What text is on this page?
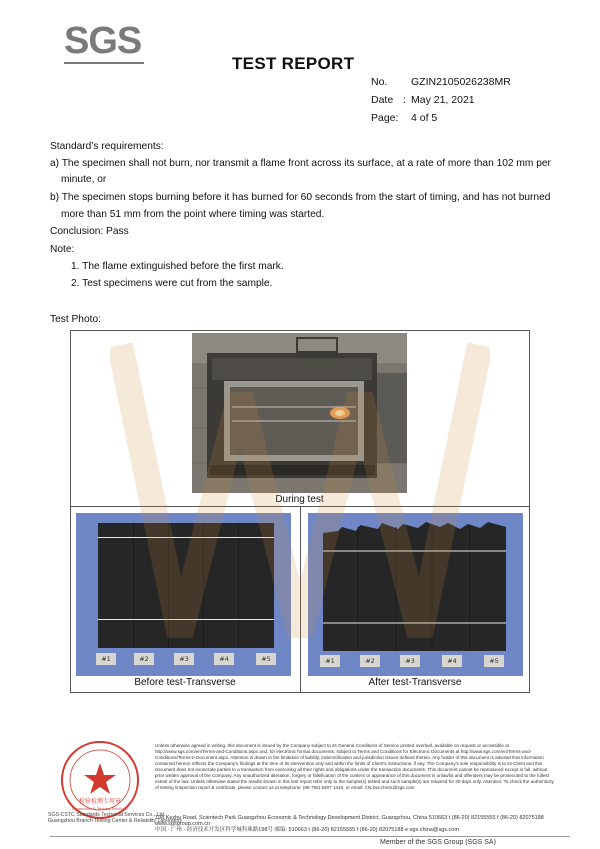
SGS
TEST REPORT
No. GZIN2105026238MR
Date : May 21, 2021
Page: 4 of 5
Standard’s requirements:
a) The specimen shall not burn, nor transmit a flame front across its surface, at a rate of more than 102 mm per
minute, or
b) The specimen stops burning before it has burned for 60 seconds from the start of timing, and has not burned
more than 51 mm from the point where timing was started.
Conclusion: Pass
Note:
1. The flame extinguished before the first mark.
2. Test specimens were cut from the sample.
Test Photo:
During test
#1	#2	#3	#4	#5
Before test-Transverse
#1	#2	#3	#4	#5
After test-Transverse
检验检测专用章
Inspection & Testing Services
Unless otherwise agreed in writing, this document is issued by the Company subject to its General Conditions of Service printed overleaf, available on request or accessible at http://www.sgs.com/en/Terms-and-Conditions.aspx and, for electronic format documents, subject to Terms and Conditions for Electronic Documents at http://www.sgs.com/en/Terms-and-Conditions/Terms-e-Document.aspx. Attention is drawn to the limitation of liability, indemnification and jurisdiction issues defined therein. Any holder of this document is advised that information contained hereon reflects the Company's findings at the time of its intervention only and within the limits of Client's instructions, if any. The Company's sole responsibility is to its Client and this document does not exonerate parties to a transaction from exercising all their rights and obligations under the transaction documents. This document cannot be reproduced except in full, without prior written approval of the Company. Any unauthorized alteration, forgery or falsification of the content or appearance of this document is unlawful and offenders may be prosecuted to the fullest extent of the law. Unless otherwise stated the results shown in this test report refer only to the sample(s) tested and such sample(s) are retained for 30 days only. Attention: To check the authenticity of testing /inspection report & certificate, please contact us at telephone: (86-755) 8307 1443, or email: CN.Doccheck@sgs.com
198 Kezhu Road, Scientech Park Guangzhou Economic & Technology Development District, Guangzhou, China 510663 t (86-20) 82155555 f (86-20) 82075188 www.sgsgroup.com.cn
中国 · 广州 · 经济技术开发区科学城科珠路198号 邮编: 510663 t (86-20) 82155555 f (86-20) 82075188 e sgs.china@sgs.com
SGS-CSTC Standards Technical Services Co., Ltd.
Guangzhou Branch Testing Center & Reliability Laboratory
Member of the SGS Group (SGS SA)
